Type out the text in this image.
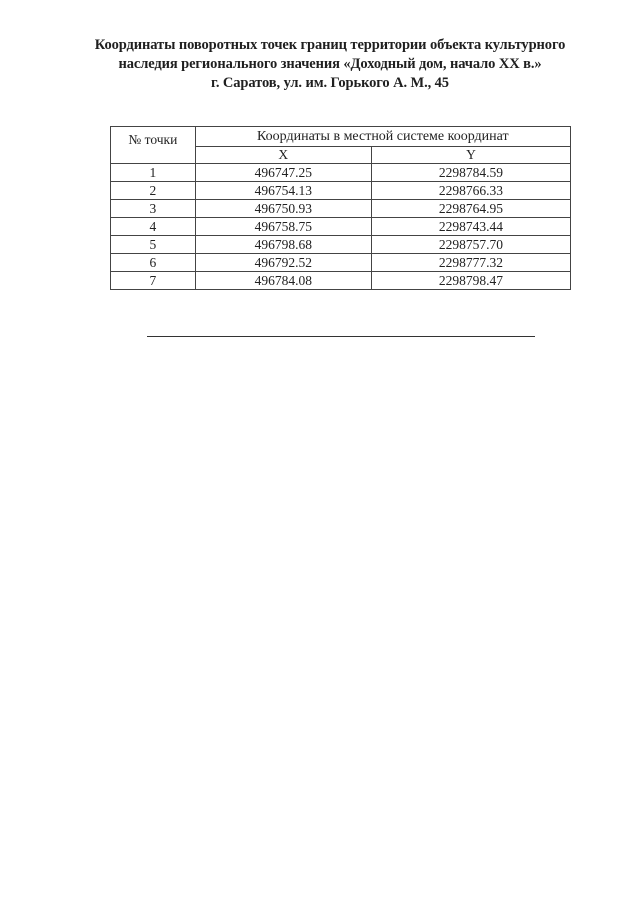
Координаты поворотных точек границ территории объекта культурного
наследия регионального значения «Доходный дом, начало XX в.»
г. Саратов, ул. им. Горького А. М., 45
№ точки	Координаты в местной системе координат	
	X	Y
1	496747.25	2298784.59
2	496754.13	2298766.33
3	496750.93	2298764.95
4	496758.75	2298743.44
5	496798.68	2298757.70
6	496792.52	2298777.32
7	496784.08	2298798.47
